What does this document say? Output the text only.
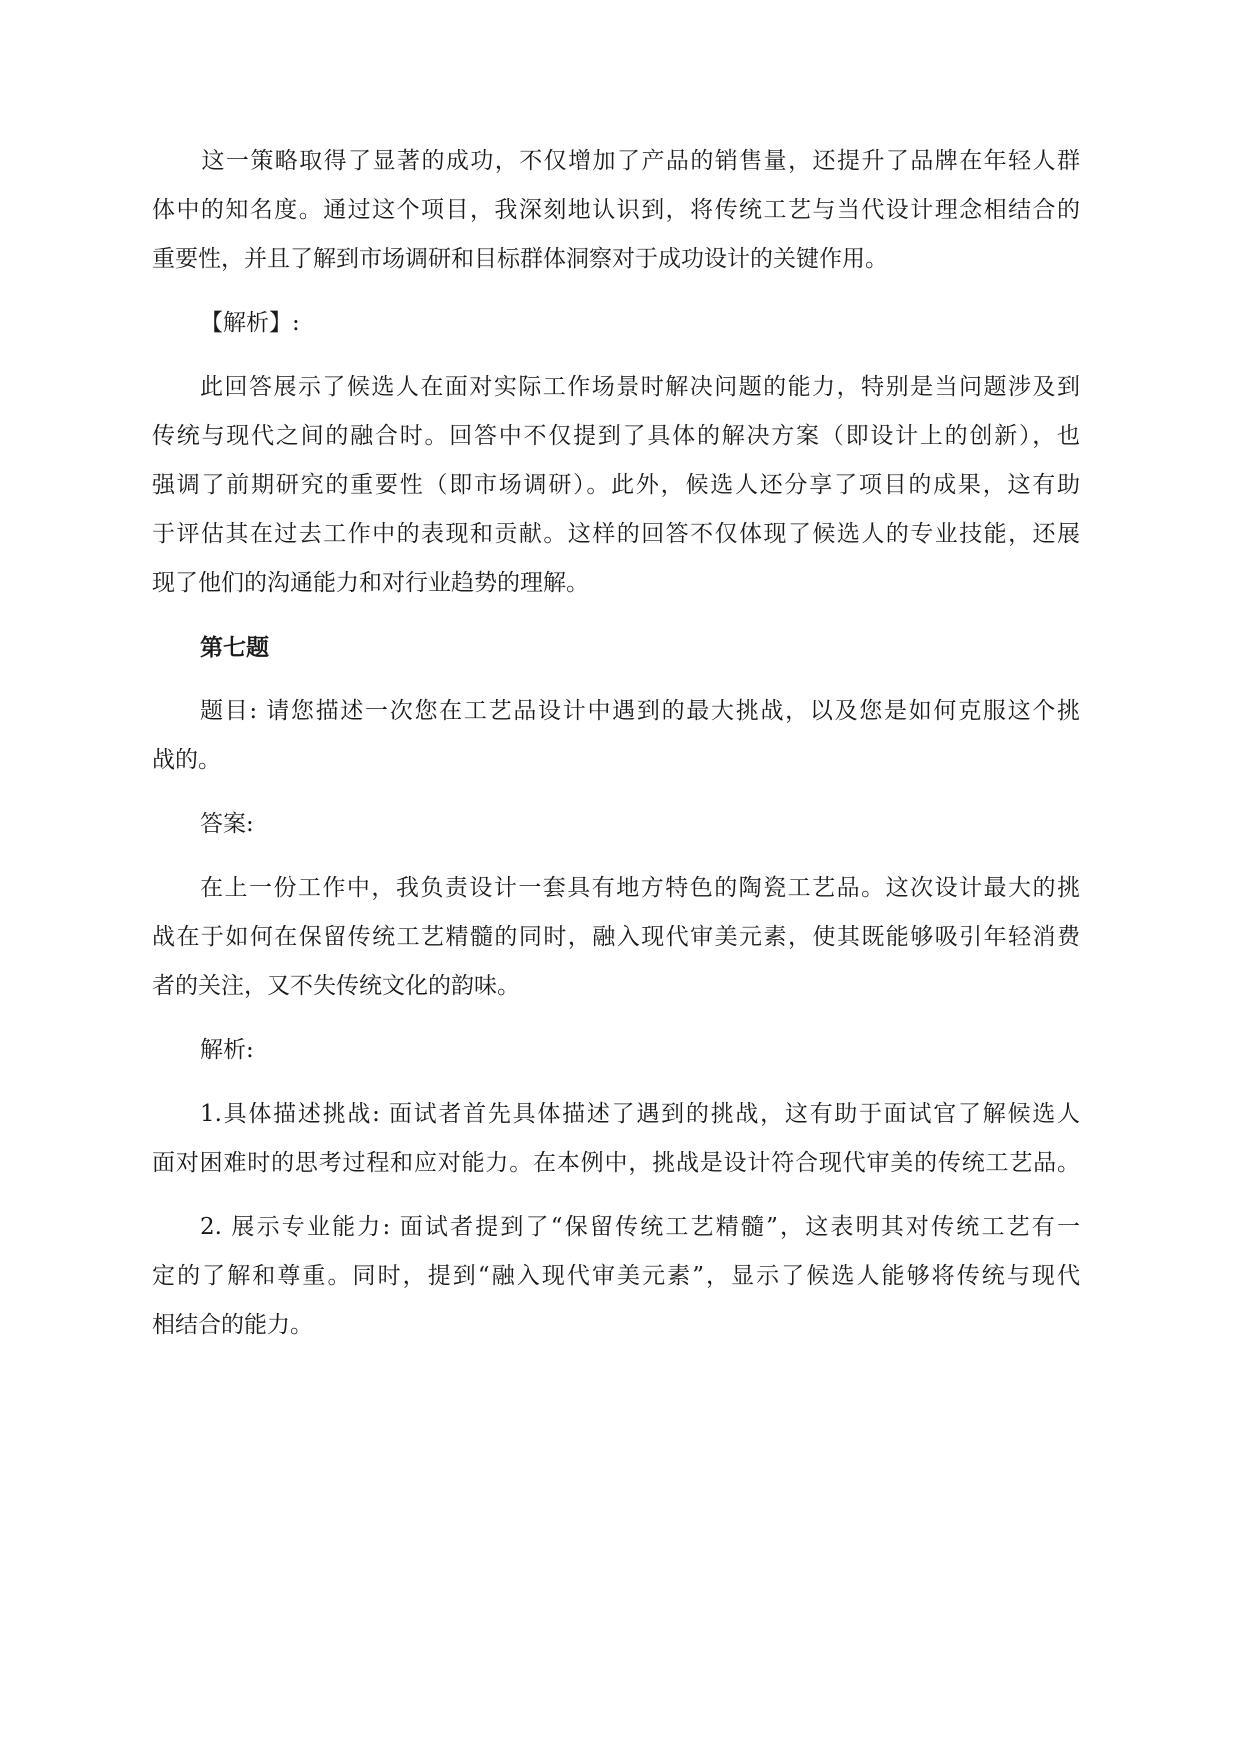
这一策略取得了显著的成功，不仅增加了产品的销售量，还提升了品牌在年轻人群
体中的知名度。通过这个项目，我深刻地认识到，将传统工艺与当代设计理念相结合的
重要性，并且了解到市场调研和目标群体洞察对于成功设计的关键作用。
【解析】:
此回答展示了候选人在面对实际工作场景时解决问题的能力，特别是当问题涉及到
传统与现代之间的融合时。回答中不仅提到了具体的解决方案（即设计上的创新），也
强调了前期研究的重要性（即市场调研）。此外，候选人还分享了项目的成果，这有助
于评估其在过去工作中的表现和贡献。这样的回答不仅体现了候选人的专业技能，还展
现了他们的沟通能力和对行业趋势的理解。
第七题
题目: 请您描述一次您在工艺品设计中遇到的最大挑战，以及您是如何克服这个挑
战的。
答案:
在上一份工作中，我负责设计一套具有地方特色的陶瓷工艺品。这次设计最大的挑
战在于如何在保留传统工艺精髓的同时，融入现代审美元素，使其既能够吸引年轻消费
者的关注，又不失传统文化的韵味。
解析:
1.具体描述挑战: 面试者首先具体描述了遇到的挑战，这有助于面试官了解候选人
面对困难时的思考过程和应对能力。在本例中，挑战是设计符合现代审美的传统工艺品。
2. 展示专业能力: 面试者提到了“保留传统工艺精髓”，这表明其对传统工艺有一
定的了解和尊重。同时，提到“融入现代审美元素”，显示了候选人能够将传统与现代
相结合的能力。
